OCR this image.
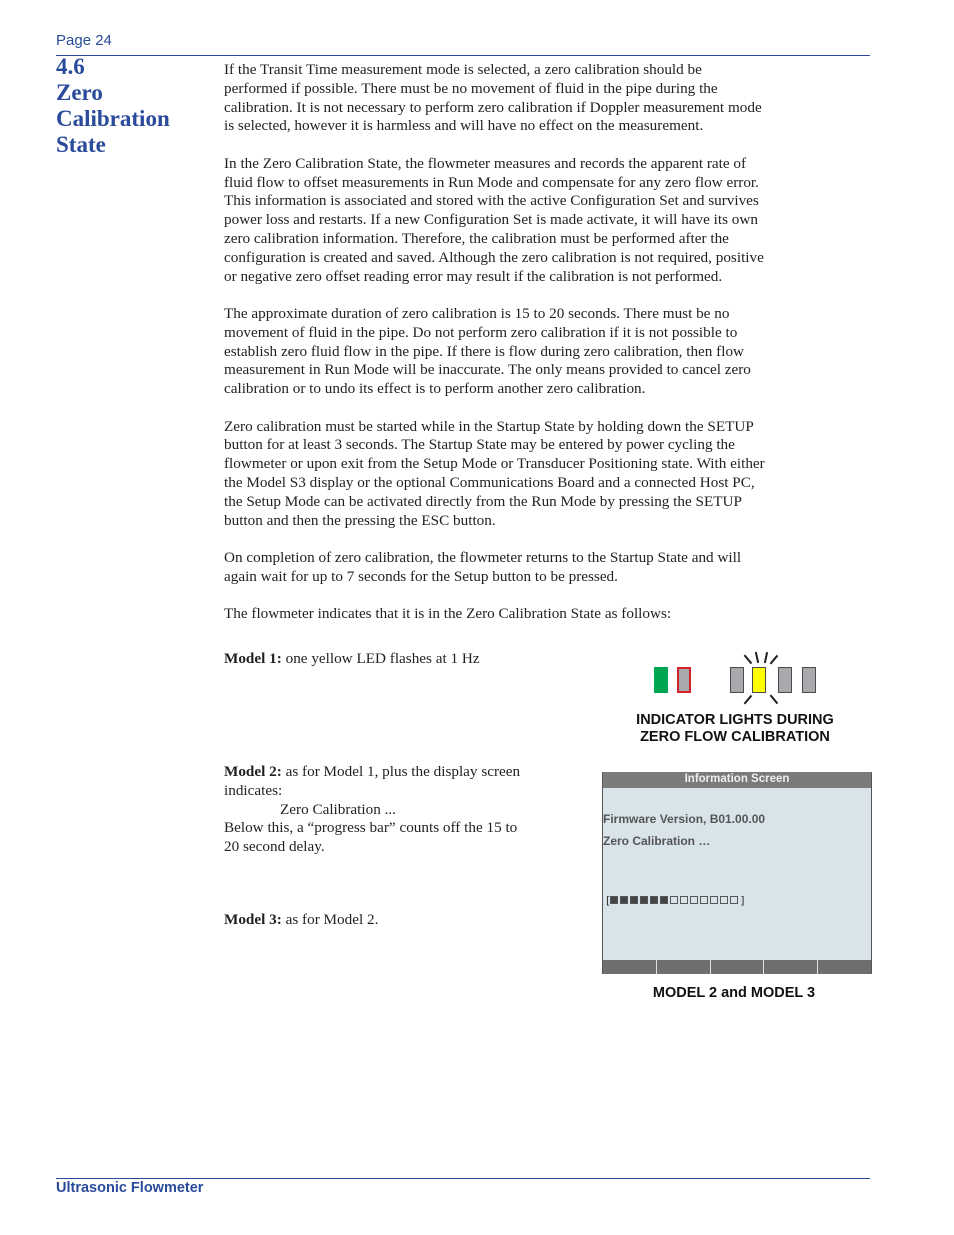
Page 24
4.6
Zero
Calibration
State

If the Transit Time measurement mode is selected, a zero calibration should be
performed if possible. There must be no movement of fluid in the pipe during the
calibration. It is not necessary to perform zero calibration if Doppler measurement mode
is selected, however it is harmless and will have no effect on the measurement.

In the Zero Calibration State, the flowmeter measures and records the apparent rate of
fluid flow to offset measurements in Run Mode and compensate for any zero flow error.
This information is associated and stored with the active Configuration Set and survives
power loss and restarts. If a new Configuration Set is made activate, it will have its own
zero calibration information. Therefore, the calibration must be performed after the
configuration is created and saved. Although the zero calibration is not required, positive
or negative zero offset reading error may result if the calibration is not performed.

The approximate duration of zero calibration is 15 to 20 seconds. There must be no
movement of fluid in the pipe. Do not perform zero calibration if it is not possible to
establish zero fluid flow in the pipe. If there is flow during zero calibration, then flow
measurement in Run Mode will be inaccurate. The only means provided to cancel zero
calibration or to undo its effect is to perform another zero calibration.

Zero calibration must be started while in the Startup State by holding down the SETUP
button for at least 3 seconds. The Startup State may be entered by power cycling the
flowmeter or upon exit from the Setup Mode or Transducer Positioning state. With either
the Model S3 display or the optional Communications Board and a connected Host PC,
the Setup Mode can be activated directly from the Run Mode by pressing the SETUP
button and then the pressing the ESC button.

On completion of zero calibration, the flowmeter returns to the Startup State and will
again wait for up to 7 seconds for the Setup button to be pressed.

The flowmeter indicates that it is in the Zero Calibration State as follows:

Model 1: one yellow LED flashes at 1 Hz
Model 2: as for Model 1, plus the display screen indicates:
Zero Calibration ...
Below this, a “progress bar” counts off the 15 to 20 second delay.
Model 3: as for Model 2.
INDICATOR LIGHTS DURING
ZERO FLOW CALIBRATION
Information Screen
Firmware Version, B01.00.00
Zero Calibration …
[	]
MODEL 2 and MODEL 3
Ultrasonic Flowmeter
